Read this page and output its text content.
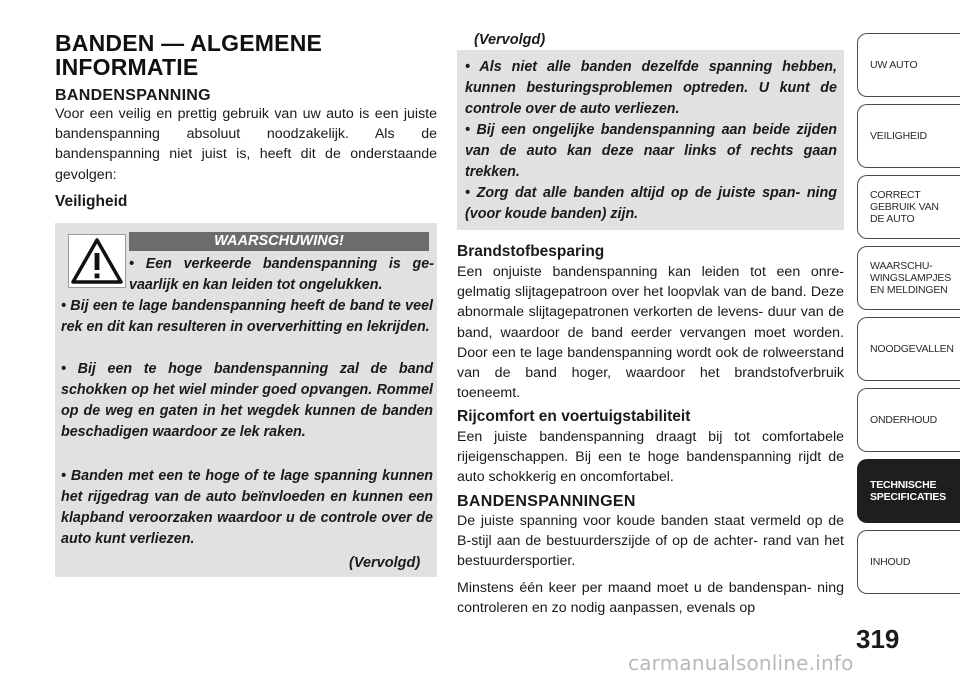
BANDEN — ALGEMENE
INFORMATIE

BANDENSPANNING

Voor een veilig en prettig gebruik van uw auto is een juiste bandenspanning absoluut noodzakelijk. Als de bandenspanning niet juist is, heeft dit de onderstaande gevolgen:

Veiligheid

WAARSCHUWING!

• Een verkeerde bandenspanning is ge- vaarlijk en kan leiden tot ongelukken.

• Bij een te lage bandenspanning heeft de band te veel rek en dit kan resulteren in oververhitting en lekrijden.

• Bij een te hoge bandenspanning zal de band schokken op het wiel minder goed opvangen. Rommel op de weg en gaten in het wegdek kunnen de banden beschadigen waardoor ze lek raken.

• Banden met een te hoge of te lage spanning kunnen het rijgedrag van de auto beïnvloeden en kunnen een klapband veroorzaken waardoor u de controle over de auto kunt verliezen.

(Vervolgd)

(Vervolgd)

• Als niet alle banden dezelfde spanning hebben, kunnen besturingsproblemen optreden. U kunt de controle over de auto verliezen.

• Bij een ongelijke bandenspanning aan beide zijden van de auto kan deze naar links of rechts gaan trekken.

• Zorg dat alle banden altijd op de juiste span- ning (voor koude banden) zijn.

Brandstofbesparing

Een onjuiste bandenspanning kan leiden tot een onre- gelmatig slijtagepatroon over het loopvlak van de band. Deze abnormale slijtagepatronen verkorten de levens- duur van de band, waardoor de band eerder vervangen moet worden. Door een te lage bandenspanning wordt ook de rolweerstand van de band hoger, waardoor het brandstofverbruik toeneemt.

Rijcomfort en voertuigstabiliteit

Een juiste bandenspanning draagt bij tot comfortabele rijeigenschappen. Bij een te hoge bandenspanning rijdt de auto schokkerig en oncomfortabel.

BANDENSPANNINGEN

De juiste spanning voor koude banden staat vermeld op de B-stijl aan de bestuurderszijde of op de achter- rand van het bestuurdersportier.

Minstens één keer per maand moet u de bandenspan- ning controleren en zo nodig aanpassen, evenals op

UW AUTO
VEILIGHEID
CORRECT
GEBRUIK VAN
DE AUTO
WAARSCHU-
WINGSLAMPJES
EN MELDINGEN
NOODGEVALLEN
ONDERHOUD
TECHNISCHE
SPECIFICATIES
INHOUD
319
carmanualsonline.info
